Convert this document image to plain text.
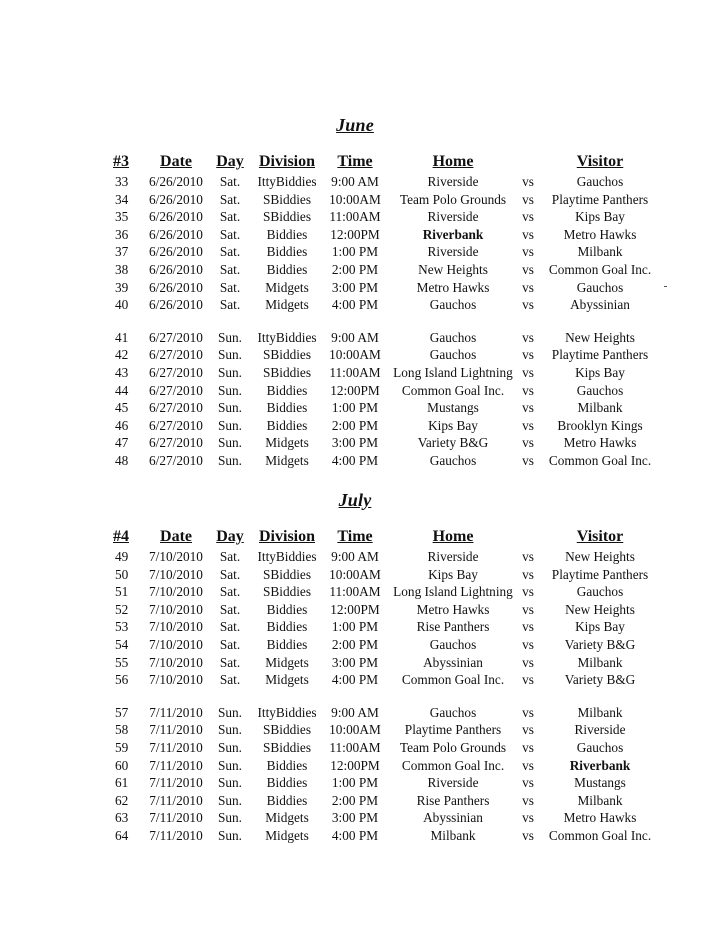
June
#3 Date Day Division Time	Home	Visitor
33 6/26/2010 Sat. IttyBiddies 9:00 AM	Riverside	vs	Gauchos
34 6/26/2010 Sat. SBiddies 10:00AM Team Polo Grounds vs Playtime Panthers
35 6/26/2010 Sat. SBiddies 11:00AM	Riverside	vs	Kips Bay
36 6/26/2010 Sat. Biddies 12:00PM	Riverbank	vs Metro Hawks
37 6/26/2010 Sat. Biddies 1:00 PM	Riverside	vs	Milbank
38 6/26/2010 Sat. Biddies 2:00 PM	New Heights	vs Common Goal Inc.
39 6/26/2010 Sat. Midgets 3:00 PM	Metro Hawks vs	Gauchos
40 6/26/2010 Sat. Midgets 4:00 PM	Gauchos	vs	Abyssinian
41 6/27/2010 Sun. IttyBiddies 9:00 AM	Gauchos	vs New Heights
42 6/27/2010 Sun. SBiddies 10:00AM	Gauchos	vs Playtime Panthers
43 6/27/2010 Sun. SBiddies 11:00AM Long Island Lightning vs	Kips Bay
44 6/27/2010 Sun. Biddies 12:00PM Common Goal Inc. vs	Gauchos
45 6/27/2010 Sun. Biddies 1:00 PM	Mustangs	vs	Milbank
46 6/27/2010 Sun. Biddies 2:00 PM	Kips Bay	vs Brooklyn Kings
47 6/27/2010 Sun. Midgets 3:00 PM	Variety B&G	vs Metro Hawks
48 6/27/2010 Sun. Midgets 4:00 PM	Gauchos	vs Common Goal Inc.
July
#4 Date Day Division Time	Home	Visitor
49 7/10/2010 Sat. IttyBiddies 9:00 AM	Riverside	vs New Heights
50 7/10/2010 Sat. SBiddies 10:00AM	Kips Bay	vs Playtime Panthers
51 7/10/2010 Sat. SBiddies 11:00AM Long Island Lightning vs	Gauchos
52 7/10/2010 Sat. Biddies 12:00PM	Metro Hawks vs New Heights
53 7/10/2010 Sat. Biddies 1:00 PM	Rise Panthers vs	Kips Bay
54 7/10/2010 Sat. Biddies 2:00 PM	Gauchos	vs Variety B&G
55 7/10/2010 Sat. Midgets 3:00 PM	Abyssinian	vs	Milbank
56 7/10/2010 Sat. Midgets 4:00 PM Common Goal Inc. vs Variety B&G
57 7/11/2010 Sun. IttyBiddies 9:00 AM	Gauchos	vs	Milbank
58 7/11/2010 Sun. SBiddies 10:00AM Playtime Panthers vs	Riverside
59 7/11/2010 Sun. SBiddies 11:00AM Team Polo Grounds vs	Gauchos
60 7/11/2010 Sun. Biddies 12:00PM Common Goal Inc. vs	Riverbank
61 7/11/2010 Sun. Biddies 1:00 PM	Riverside	vs	Mustangs
62 7/11/2010 Sun. Biddies 2:00 PM	Rise Panthers vs	Milbank
63 7/11/2010 Sun. Midgets 3:00 PM	Abyssinian	vs Metro Hawks
64 7/11/2010 Sun. Midgets 4:00 PM	Milbank	vs Common Goal Inc.
